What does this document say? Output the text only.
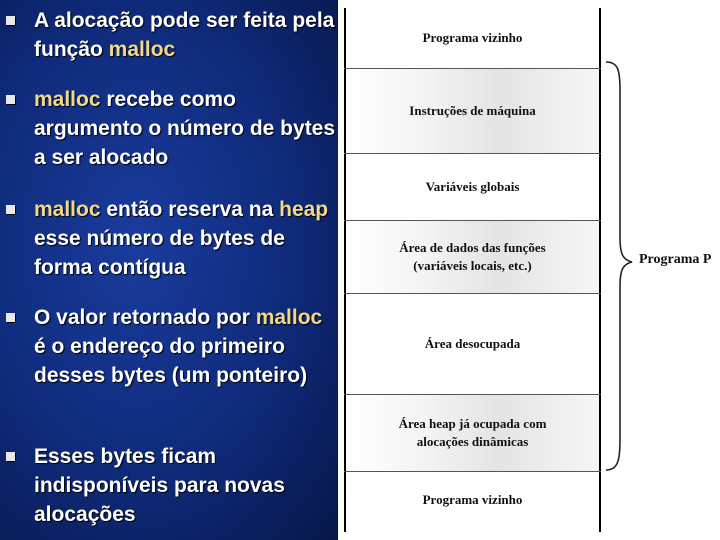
A alocação pode ser feita pela função malloc
malloc recebe como argumento o número de bytes a ser alocado
malloc então reserva na heap esse número de bytes de forma contígua
O valor retornado por malloc é o endereço do primeiro desses bytes (um ponteiro)
Esses bytes ficam indisponíveis para novas alocações
Programa vizinho
Instruções de máquina
Variáveis globais
Área de dados das funções
(variáveis locais, etc.)
Área desocupada
Área heap já ocupada com
alocações dinâmicas
Programa vizinho
Programa P
